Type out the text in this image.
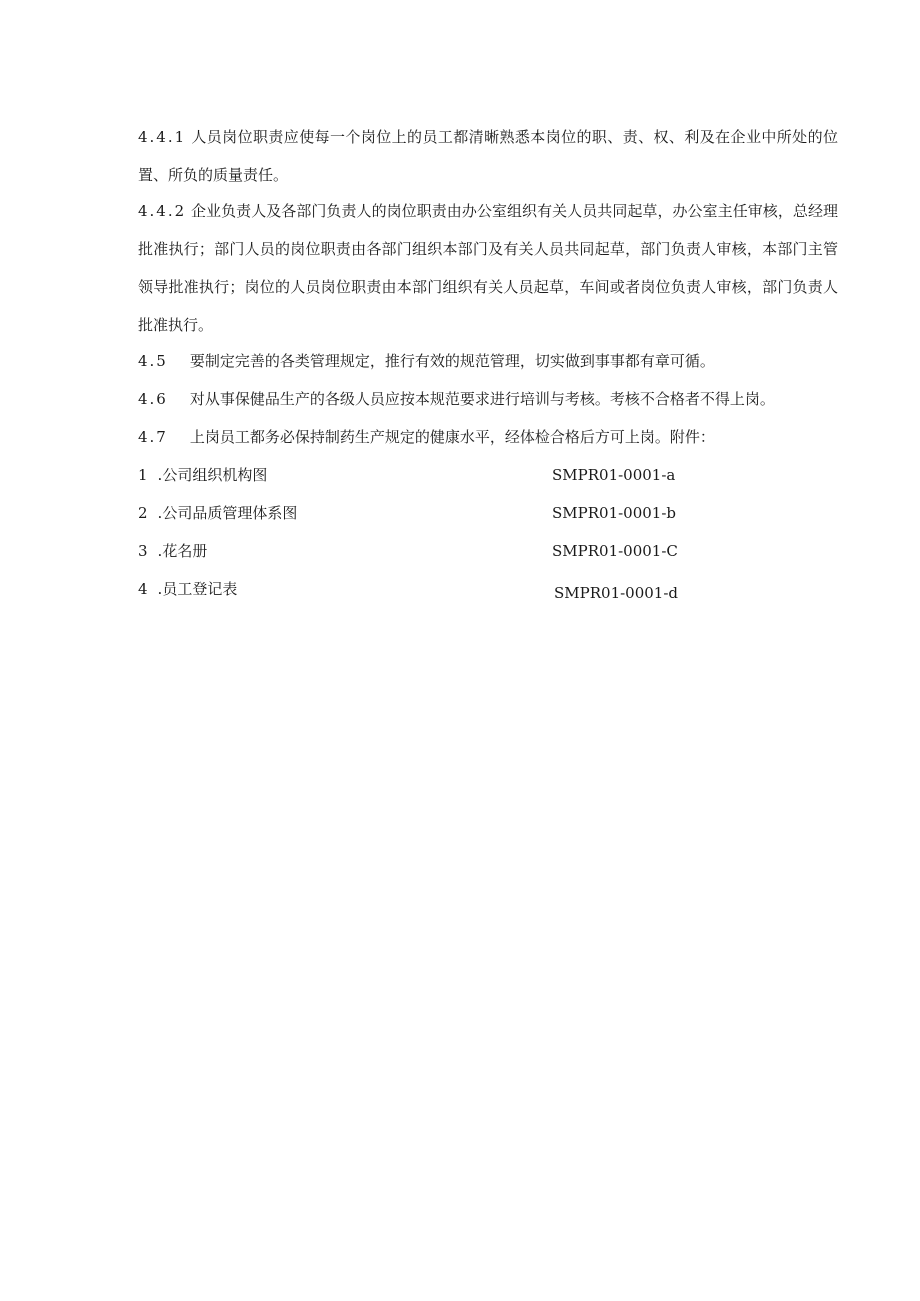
4.4.1 人员岗位职责应使每一个岗位上的员工都清晰熟悉本岗位的职、责、权、利及在企业中所处的位置、所负的质量责任。
4.4.2 企业负责人及各部门负责人的岗位职责由办公室组织有关人员共同起草，办公室主任审核，总经理批准执行；部门人员的岗位职责由各部门组织本部门及有关人员共同起草，部门负责人审核，本部门主管领导批准执行；岗位的人员岗位职责由本部门组织有关人员起草，车间或者岗位负责人审核，部门负责人批准执行。
4.5 要制定完善的各类管理规定，推行有效的规范管理，切实做到事事都有章可循。
4.6 对从事保健品生产的各级人员应按本规范要求进行培训与考核。考核不合格者不得上岗。
4.7 上岗员工都务必保持制药生产规定的健康水平，经体检合格后方可上岗。附件：
1 .公司组织机构图	SMPR01-0001-a
2 .公司品质管理体系图	SMPR01-0001-b
3 .花名册	SMPR01-0001-C
4 .员工登记表	SMPR01-0001-d
